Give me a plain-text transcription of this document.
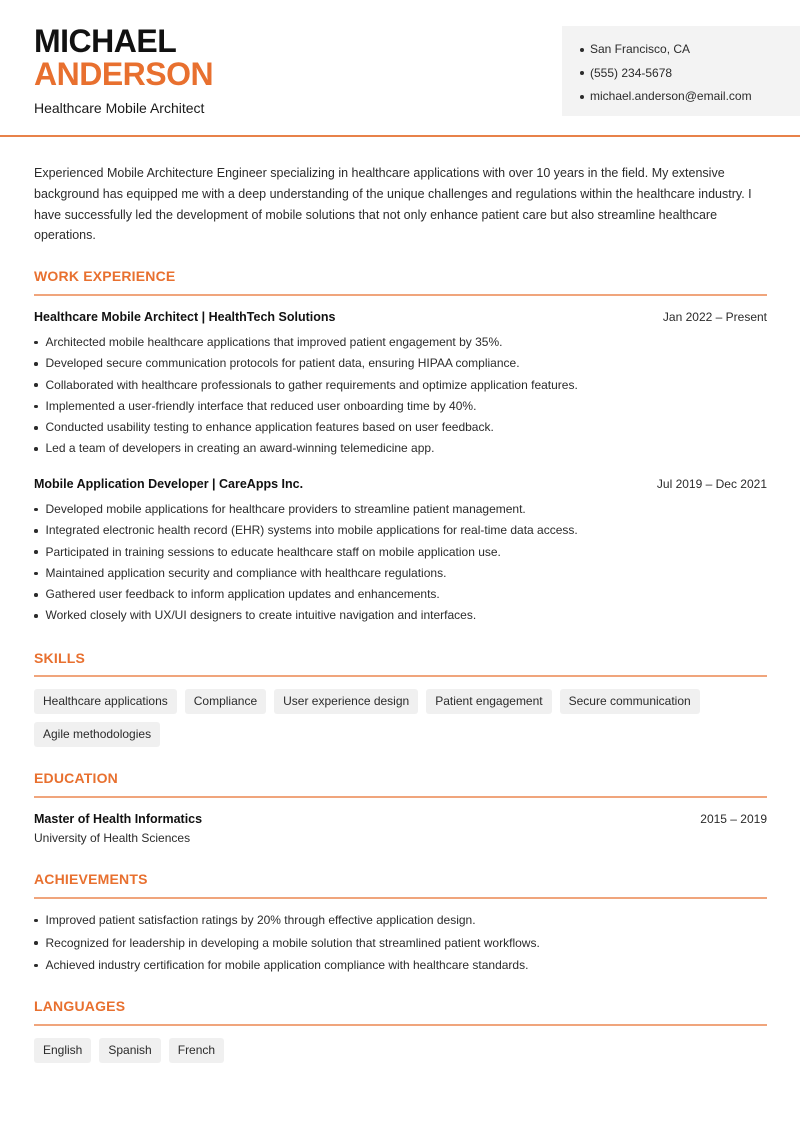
MICHAEL
ANDERSON
Healthcare Mobile Architect
San Francisco, CA
(555) 234-5678
michael.anderson@email.com

Experienced Mobile Architecture Engineer specializing in healthcare applications with over 10 years in the field. My extensive background has equipped me with a deep understanding of the unique challenges and regulations within the healthcare industry. I have successfully led the development of mobile solutions that not only enhance patient care but also streamline healthcare operations.

WORK EXPERIENCE
Healthcare Mobile Architect | HealthTech Solutions	Jan 2022 – Present
Architected mobile healthcare applications that improved patient engagement by 35%.
Developed secure communication protocols for patient data, ensuring HIPAA compliance.
Collaborated with healthcare professionals to gather requirements and optimize application features.
Implemented a user-friendly interface that reduced user onboarding time by 40%.
Conducted usability testing to enhance application features based on user feedback.
Led a team of developers in creating an award-winning telemedicine app.
Mobile Application Developer | CareApps Inc.	Jul 2019 – Dec 2021
Developed mobile applications for healthcare providers to streamline patient management.
Integrated electronic health record (EHR) systems into mobile applications for real-time data access.
Participated in training sessions to educate healthcare staff on mobile application use.
Maintained application security and compliance with healthcare regulations.
Gathered user feedback to inform application updates and enhancements.
Worked closely with UX/UI designers to create intuitive navigation and interfaces.
SKILLS
Healthcare applications	Compliance	User experience design	Patient engagement	Secure communication
Agile methodologies
EDUCATION
Master of Health Informatics	2015 – 2019
University of Health Sciences
ACHIEVEMENTS
Improved patient satisfaction ratings by 20% through effective application design.
Recognized for leadership in developing a mobile solution that streamlined patient workflows.
Achieved industry certification for mobile application compliance with healthcare standards.
LANGUAGES
English	Spanish	French
